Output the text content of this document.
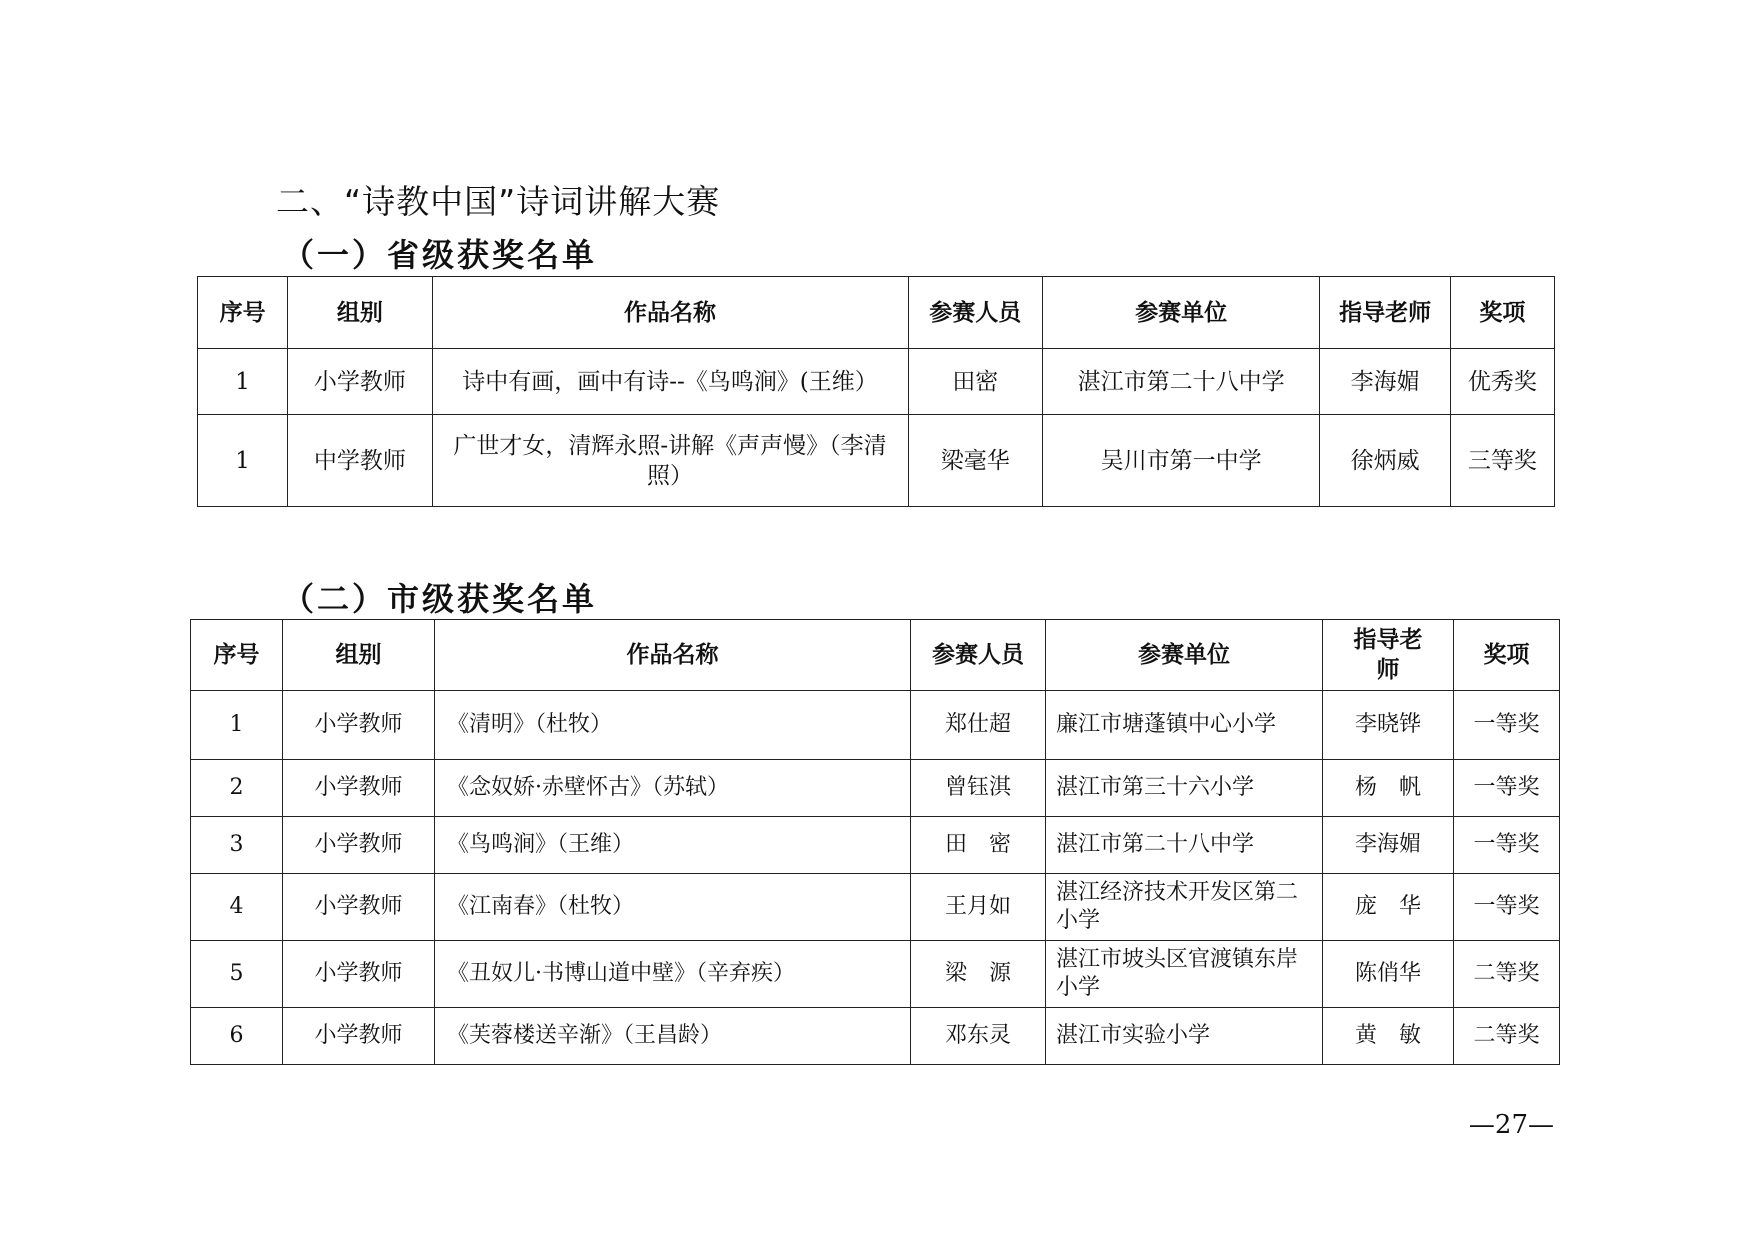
二、“诗教中国”诗词讲解大赛
（一）省级获奖名单
序号	组别	作品名称	参赛人员	参赛单位	指导老师	奖项
1	小学教师	诗中有画，画中有诗--《鸟鸣涧》(王维）	田密	湛江市第二十八中学	李海媚	优秀奖
1	中学教师	广世才女，清辉永照-讲解《声声慢》（李清照）	梁毫华	吴川市第一中学	徐炳威	三等奖
（二）市级获奖名单
序号	组别	作品名称	参赛人员	参赛单位	指导老师	奖项
1	小学教师	《清明》（杜牧）	郑仕超	廉江市塘蓬镇中心小学	李晓铧	一等奖
2	小学教师	《念奴娇·赤壁怀古》（苏轼）	曾钰淇	湛江市第三十六小学	杨　帆	一等奖
3	小学教师	《鸟鸣涧》（王维）	田　密	湛江市第二十八中学	李海媚	一等奖
4	小学教师	《江南春》（杜牧）	王月如	湛江经济技术开发区第二小学	庞　华	一等奖
5	小学教师	《丑奴儿·书博山道中壁》（辛弃疾）	梁　源	湛江市坡头区官渡镇东岸小学	陈俏华	二等奖
6	小学教师	《芙蓉楼送辛渐》（王昌龄）	邓东灵	湛江市实验小学	黄　敏	二等奖
—27—
